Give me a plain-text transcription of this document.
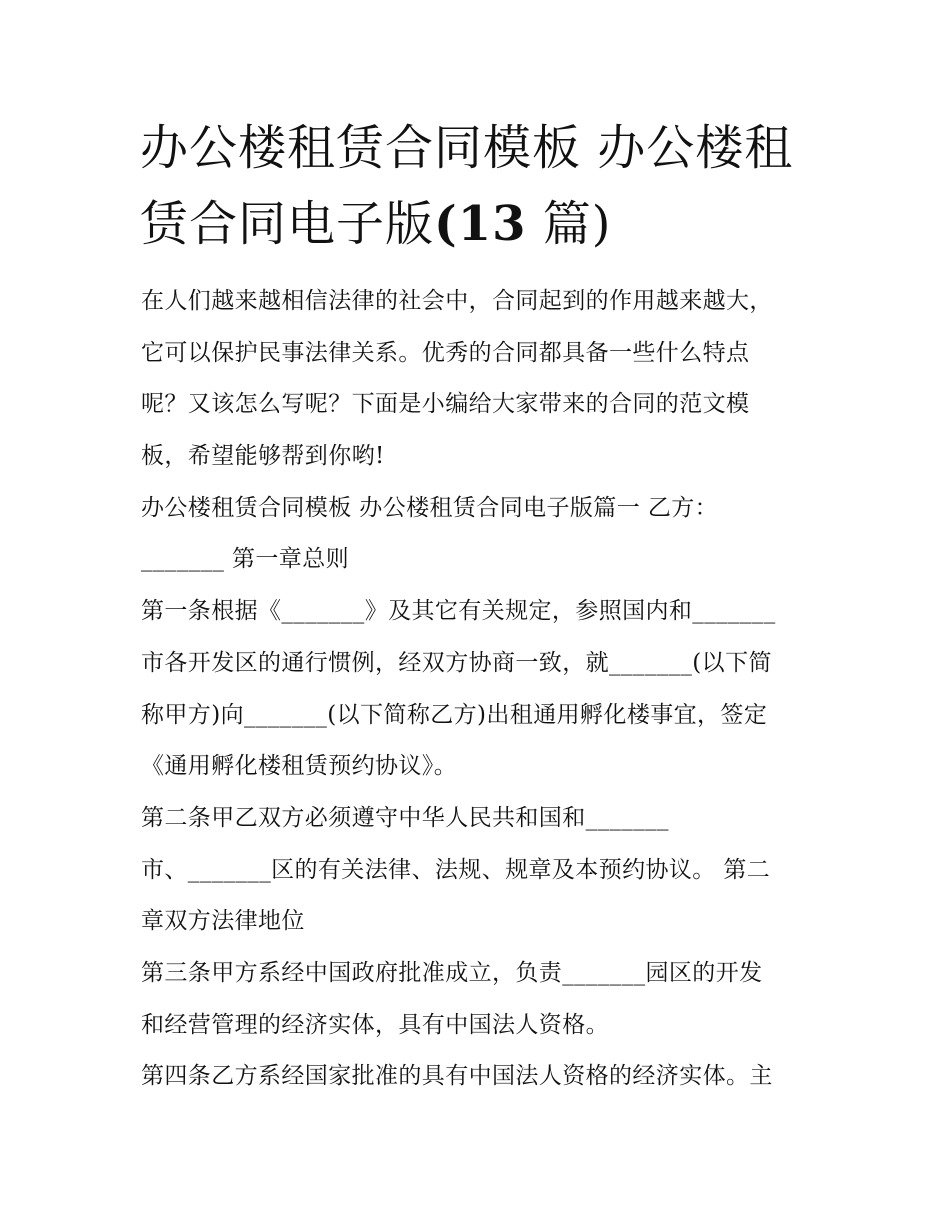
办公楼租赁合同模板 办公楼租
赁合同电子版(13 篇)
在人们越来越相信法律的社会中，合同起到的作用越来越大，
它可以保护民事法律关系。优秀的合同都具备一些什么特点
呢？又该怎么写呢？下面是小编给大家带来的合同的范文模
板，希望能够帮到你哟!
办公楼租赁合同模板 办公楼租赁合同电子版篇一 乙方：
_______ 第一章总则
第一条根据《_______》及其它有关规定，参照国内和_______
市各开发区的通行惯例，经双方协商一致，就_______(以下简
称甲方)向_______(以下简称乙方)出租通用孵化楼事宜，签定
《通用孵化楼租赁预约协议》。
第二条甲乙双方必须遵守中华人民共和国和_______
市、_______区的有关法律、法规、规章及本预约协议。 第二
章双方法律地位
第三条甲方系经中国政府批准成立，负责_______园区的开发
和经营管理的经济实体，具有中国法人资格。
第四条乙方系经国家批准的具有中国法人资格的经济实体。主
